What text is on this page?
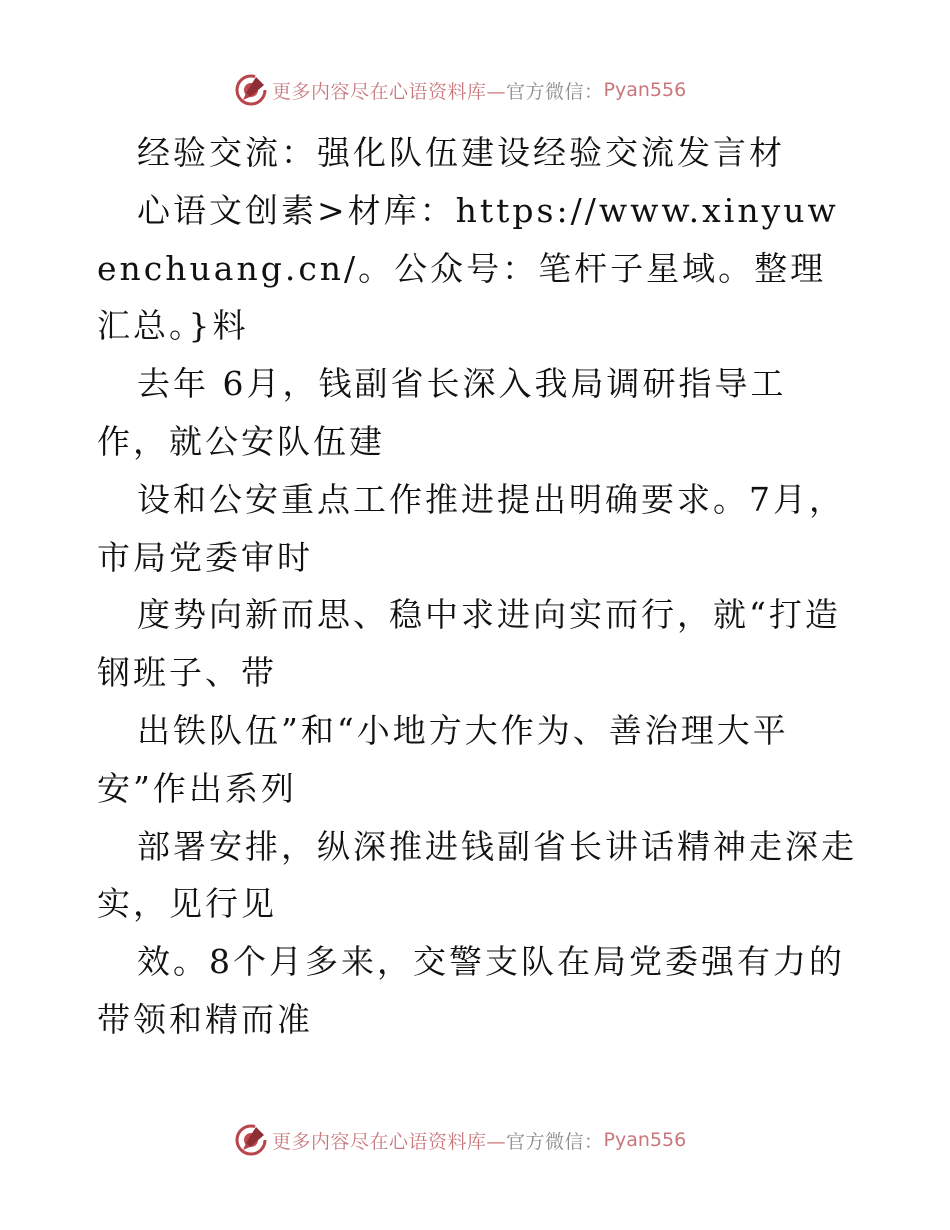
更多内容尽在心语资料库— 官方微信： Pyan556

经验交流：强化队伍建设经验交流发言材

心语文创素>材库：https://www.xinyuwenchuang.cn/。公众号：笔杆子星域。整理汇总。}料

去年 6月，钱副省长深入我局调研指导工作，就公安队伍建

设和公安重点工作推进提出明确要求。7月，市局党委审时

度势向新而思、稳中求进向实而行，就“打造钢班子、带

出铁队伍”和“小地方大作为、善治理大平安”作出系列

部署安排，纵深推进钱副省长讲话精神走深走实，见行见

效。8个月多来，交警支队在局党委强有力的带领和精而准

更多内容尽在心语资料库— 官方微信： Pyan556
